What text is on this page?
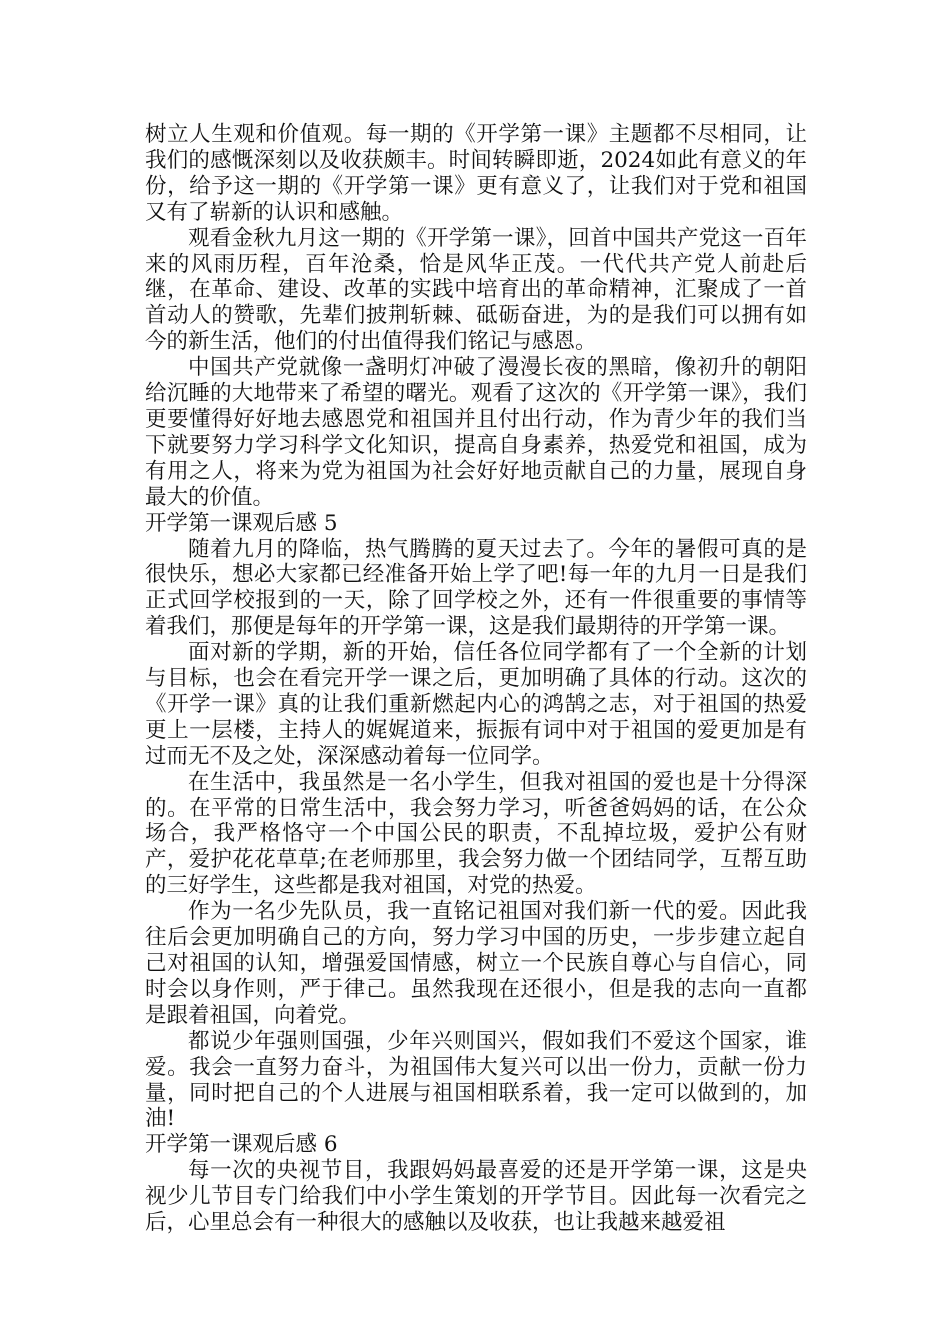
树立人生观和价值观。每一期的《开学第一课》主题都不尽相同，让我们的感慨深刻以及收获颇丰。时间转瞬即逝，2024如此有意义的年份，给予这一期的《开学第一课》更有意义了，让我们对于党和祖国又有了崭新的认识和感触。

观看金秋九月这一期的《开学第一课》，回首中国共产党这一百年来的风雨历程，百年沧桑，恰是风华正茂。一代代共产党人前赴后继，在革命、建设、改革的实践中培育出的革命精神，汇聚成了一首首动人的赞歌，先辈们披荆斩棘、砥砺奋进，为的是我们可以拥有如今的新生活，他们的付出值得我们铭记与感恩。

中国共产党就像一盏明灯冲破了漫漫长夜的黑暗，像初升的朝阳给沉睡的大地带来了希望的曙光。观看了这次的《开学第一课》，我们更要懂得好好地去感恩党和祖国并且付出行动，作为青少年的我们当下就要努力学习科学文化知识，提高自身素养，热爱党和祖国，成为有用之人，将来为党为祖国为社会好好地贡献自己的力量，展现自身最大的价值。

开学第一课观后感 5

随着九月的降临，热气腾腾的夏天过去了。今年的暑假可真的是很快乐，想必大家都已经准备开始上学了吧!每一年的九月一日是我们正式回学校报到的一天，除了回学校之外，还有一件很重要的事情等着我们，那便是每年的开学第一课，这是我们最期待的开学第一课。

面对新的学期，新的开始，信任各位同学都有了一个全新的计划与目标，也会在看完开学一课之后，更加明确了具体的行动。这次的《开学一课》真的让我们重新燃起内心的鸿鹄之志，对于祖国的热爱更上一层楼，主持人的娓娓道来，振振有词中对于祖国的爱更加是有过而无不及之处，深深感动着每一位同学。

在生活中，我虽然是一名小学生，但我对祖国的爱也是十分得深的。在平常的日常生活中，我会努力学习，听爸爸妈妈的话，在公众场合，我严格恪守一个中国公民的职责，不乱掉垃圾，爱护公有财产，爱护花花草草;在老师那里，我会努力做一个团结同学，互帮互助的三好学生，这些都是我对祖国，对党的热爱。

作为一名少先队员，我一直铭记祖国对我们新一代的爱。因此我往后会更加明确自己的方向，努力学习中国的历史，一步步建立起自己对祖国的认知，增强爱国情感，树立一个民族自尊心与自信心，同时会以身作则，严于律己。虽然我现在还很小，但是我的志向一直都是跟着祖国，向着党。

都说少年强则国强，少年兴则国兴，假如我们不爱这个国家，谁爱。我会一直努力奋斗，为祖国伟大复兴可以出一份力，贡献一份力量，同时把自己的个人进展与祖国相联系着，我一定可以做到的，加油!

开学第一课观后感 6

每一次的央视节目，我跟妈妈最喜爱的还是开学第一课，这是央视少儿节目专门给我们中小学生策划的开学节目。因此每一次看完之后，心里总会有一种很大的感触以及收获，也让我越来越爱祖
